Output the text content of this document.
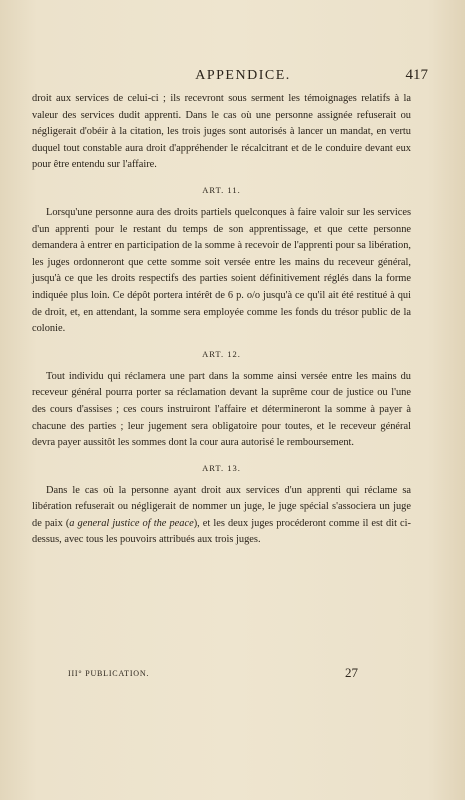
APPENDICE.	417

droit aux services de celui-ci ; ils recevront sous serment les témoignages relatifs à la valeur des services dudit apprenti. Dans le cas où une personne assignée refuserait ou négligerait d'obéir à la citation, les trois juges sont autorisés à lancer un mandat, en vertu duquel tout constable aura droit d'appréhender le récalcitrant et de le conduire devant eux pour être entendu sur l'affaire.

ART. 11.

Lorsqu'une personne aura des droits partiels quelconques à faire valoir sur les services d'un apprenti pour le restant du temps de son apprentissage, et que cette personne demandera à entrer en participation de la somme à recevoir de l'apprenti pour sa libération, les juges ordonneront que cette somme soit versée entre les mains du receveur général, jusqu'à ce que les droits respectifs des parties soient définitivement réglés dans la forme indiquée plus loin. Ce dépôt portera intérêt de 6 p. o/o jusqu'à ce qu'il ait été restitué à qui de droit, et, en attendant, la somme sera employée comme les fonds du trésor public de la colonie.

ART. 12.

Tout individu qui réclamera une part dans la somme ainsi versée entre les mains du receveur général pourra porter sa réclamation devant la suprême cour de justice ou l'une des cours d'assises ; ces cours instruiront l'affaire et détermineront la somme à payer à chacune des parties ; leur jugement sera obligatoire pour toutes, et le receveur général devra payer aussitôt les sommes dont la cour aura autorisé le remboursement.

ART. 13.

Dans le cas où la personne ayant droit aux services d'un apprenti qui réclame sa libération refuserait ou négligerait de nommer un juge, le juge spécial s'associera un juge de paix (a general justice of the peace), et les deux juges procéderont comme il est dit ci-dessus, avec tous les pouvoirs attribués aux trois juges.

III° PUBLICATION.	27
